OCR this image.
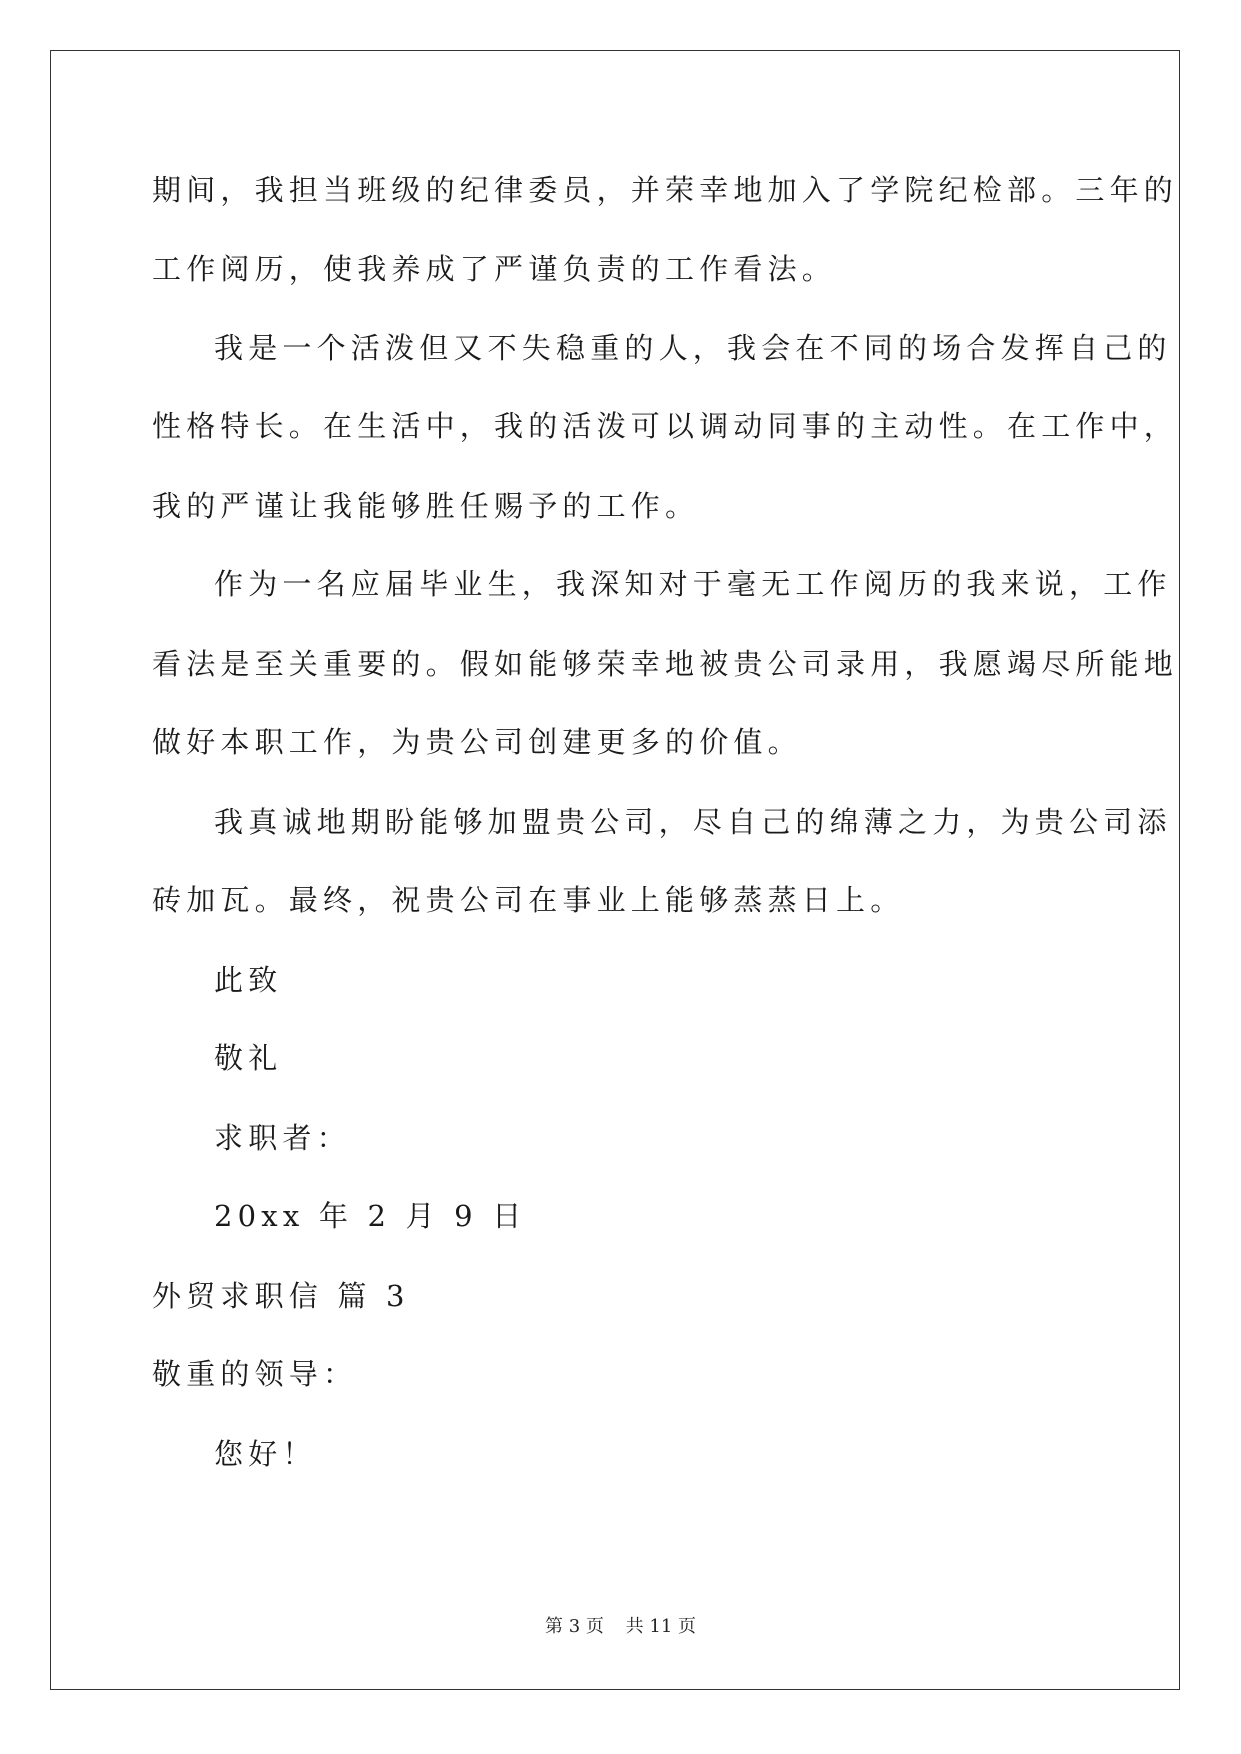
期间，我担当班级的纪律委员，并荣幸地加入了学院纪检部。三年的
工作阅历，使我养成了严谨负责的工作看法。
我是一个活泼但又不失稳重的人，我会在不同的场合发挥自己的
性格特长。在生活中，我的活泼可以调动同事的主动性。在工作中，
我的严谨让我能够胜任赐予的工作。
作为一名应届毕业生，我深知对于毫无工作阅历的我来说，工作
看法是至关重要的。假如能够荣幸地被贵公司录用，我愿竭尽所能地
做好本职工作，为贵公司创建更多的价值。
我真诚地期盼能够加盟贵公司，尽自己的绵薄之力，为贵公司添
砖加瓦。最终，祝贵公司在事业上能够蒸蒸日上。
此致
敬礼
求职者：
20xx 年 2 月 9 日
外贸求职信 篇 3
敬重的领导：
您好！
第 3 页 共 11 页
